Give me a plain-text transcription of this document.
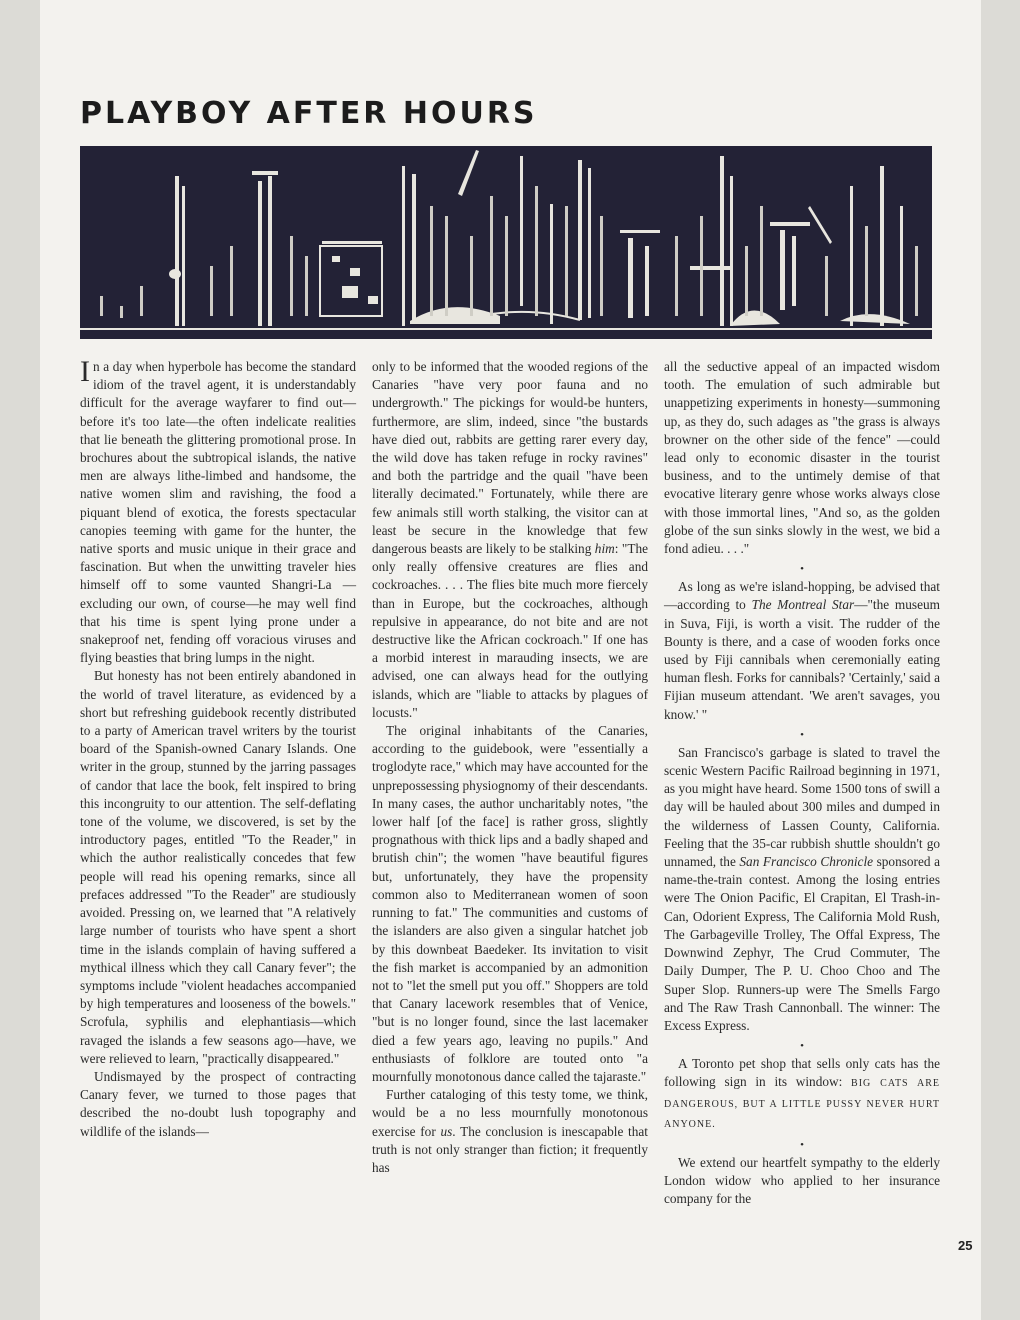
PLAYBOY AFTER HOURS

In a day when hyperbole has become the standard idiom of the travel agent, it is understandably difficult for the average wayfarer to find out—before it's too late—the often indelicate realities that lie beneath the glittering promotional prose. In brochures about the subtropical islands, the native men are always lithe-limbed and handsome, the native women slim and ravishing, the food a piquant blend of exotica, the forests spectacular canopies teeming with game for the hunter, the native sports and music unique in their grace and fascination. But when the unwitting traveler hies himself off to some vaunted Shangri-La —excluding our own, of course—he may well find that his time is spent lying prone under a snakeproof net, fending off voracious viruses and flying beasties that bring lumps in the night.

But honesty has not been entirely abandoned in the world of travel literature, as evidenced by a short but refreshing guidebook recently distributed to a party of American travel writers by the tourist board of the Spanish-owned Canary Islands. One writer in the group, stunned by the jarring passages of candor that lace the book, felt inspired to bring this incongruity to our attention. The self-deflating tone of the volume, we discovered, is set by the introductory pages, entitled "To the Reader," in which the author realistically concedes that few people will read his opening remarks, since all prefaces addressed "To the Reader" are studiously avoided. Pressing on, we learned that "A relatively large number of tourists who have spent a short time in the islands complain of having suffered a mythical illness which they call Canary fever"; the symptoms include "violent headaches accompanied by high temperatures and looseness of the bowels." Scrofula, syphilis and elephantiasis—which ravaged the islands a few seasons ago—have, we were relieved to learn, "practically disappeared."

Undismayed by the prospect of contracting Canary fever, we turned to those pages that described the no-doubt lush topography and wildlife of the islands—

only to be informed that the wooded regions of the Canaries "have very poor fauna and no undergrowth." The pickings for would-be hunters, furthermore, are slim, indeed, since "the bustards have died out, rabbits are getting rarer every day, the wild dove has taken refuge in rocky ravines" and both the partridge and the quail "have been literally decimated." Fortunately, while there are few animals still worth stalking, the visitor can at least be secure in the knowledge that few dangerous beasts are likely to be stalking him: "The only really offensive creatures are flies and cockroaches. . . . The flies bite much more fiercely than in Europe, but the cockroaches, although repulsive in appearance, do not bite and are not destructive like the African cockroach." If one has a morbid interest in marauding insects, we are advised, one can always head for the outlying islands, which are "liable to attacks by plagues of locusts."

The original inhabitants of the Canaries, according to the guidebook, were "essentially a troglodyte race," which may have accounted for the unprepossessing physiognomy of their descendants. In many cases, the author uncharitably notes, "the lower half [of the face] is rather gross, slightly prognathous with thick lips and a badly shaped and brutish chin"; the women "have beautiful figures but, unfortunately, they have the propensity common also to Mediterranean women of soon running to fat." The communities and customs of the islanders are also given a singular hatchet job by this downbeat Baedeker. Its invitation to visit the fish market is accompanied by an admonition not to "let the smell put you off." Shoppers are told that Canary lacework resembles that of Venice, "but is no longer found, since the last lacemaker died a few years ago, leaving no pupils." And enthusiasts of folklore are touted onto "a mournfully monotonous dance called the tajaraste."

Further cataloging of this testy tome, we think, would be a no less mournfully monotonous exercise for us. The conclusion is inescapable that truth is not only stranger than fiction; it frequently has

all the seductive appeal of an impacted wisdom tooth. The emulation of such admirable but unappetizing experiments in honesty—summoning up, as they do, such adages as "the grass is always browner on the other side of the fence" —could lead only to economic disaster in the tourist business, and to the untimely demise of that evocative literary genre whose works always close with those immortal lines, "And so, as the golden globe of the sun sinks slowly in the west, we bid a fond adieu. . . ."

•

As long as we're island-hopping, be advised that—according to The Montreal Star—"the museum in Suva, Fiji, is worth a visit. The rudder of the Bounty is there, and a case of wooden forks once used by Fiji cannibals when ceremonially eating human flesh. Forks for cannibals? 'Certainly,' said a Fijian museum attendant. 'We aren't savages, you know.' "

•

San Francisco's garbage is slated to travel the scenic Western Pacific Railroad beginning in 1971, as you might have heard. Some 1500 tons of swill a day will be hauled about 300 miles and dumped in the wilderness of Lassen County, California. Feeling that the 35-car rubbish shuttle shouldn't go unnamed, the San Francisco Chronicle sponsored a name-the-train contest. Among the losing entries were The Onion Pacific, El Crapitan, El Trash-in-Can, Odorient Express, The California Mold Rush, The Garbageville Trolley, The Offal Express, The Downwind Zephyr, The Crud Commuter, The Daily Dumper, The P. U. Choo Choo and The Super Slop. Runners-up were The Smells Fargo and The Raw Trash Cannonball. The winner: The Excess Express.

•

A Toronto pet shop that sells only cats has the following sign in its window: BIG CATS ARE DANGEROUS, BUT A LITTLE PUSSY NEVER HURT ANYONE.

•

We extend our heartfelt sympathy to the elderly London widow who applied to her insurance company for the

25
